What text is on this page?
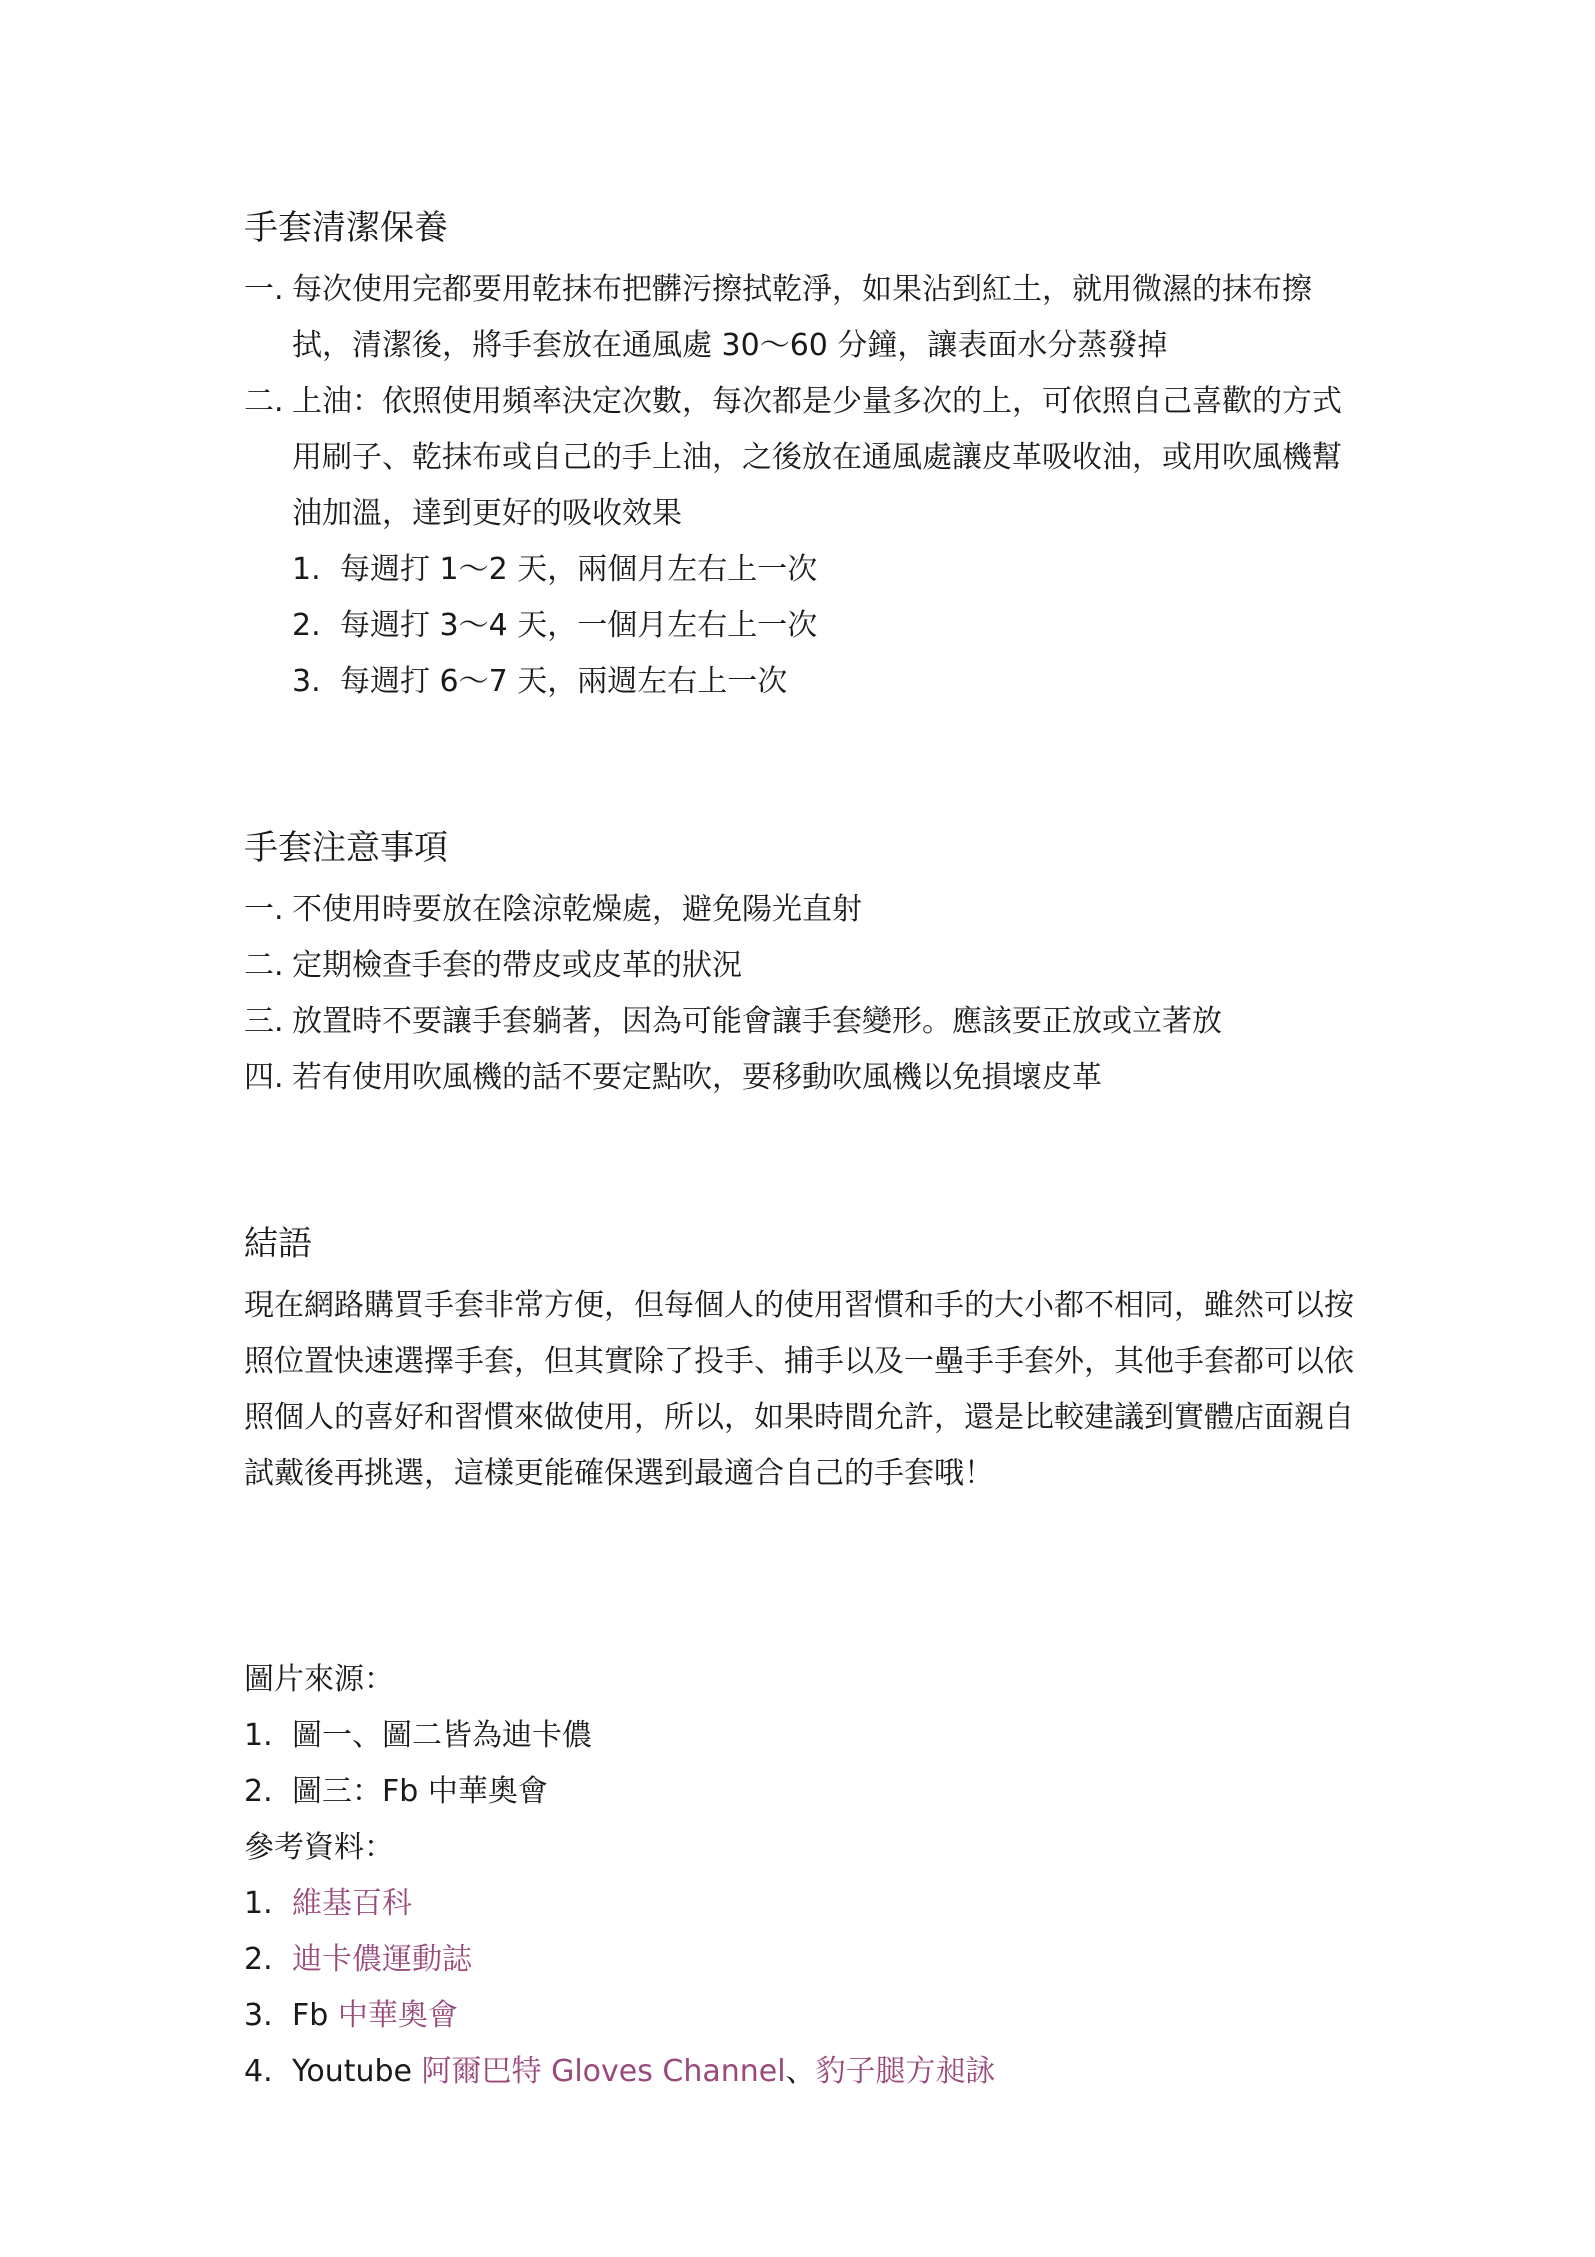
手套清潔保養
一. 每次使用完都要用乾抹布把髒污擦拭乾淨，如果沾到紅土，就用微濕的抹布擦拭，清潔後，將手套放在通風處 30～60 分鐘，讓表面水分蒸發掉
二. 上油：依照使用頻率決定次數，每次都是少量多次的上，可依照自己喜歡的方式用刷子、乾抹布或自己的手上油，之後放在通風處讓皮革吸收油，或用吹風機幫油加溫，達到更好的吸收效果
1. 每週打 1～2 天，兩個月左右上一次
2. 每週打 3～4 天，一個月左右上一次
3. 每週打 6～7 天，兩週左右上一次
手套注意事項
一. 不使用時要放在陰涼乾燥處，避免陽光直射
二. 定期檢查手套的帶皮或皮革的狀況
三. 放置時不要讓手套躺著，因為可能會讓手套變形。應該要正放或立著放
四. 若有使用吹風機的話不要定點吹，要移動吹風機以免損壞皮革
結語

現在網路購買手套非常方便，但每個人的使用習慣和手的大小都不相同，雖然可以按照位置快速選擇手套，但其實除了投手、捕手以及一壘手手套外，其他手套都可以依照個人的喜好和習慣來做使用，所以，如果時間允許，還是比較建議到實體店面親自試戴後再挑選，這樣更能確保選到最適合自己的手套哦！

圖片來源：
1. 圖一、圖二皆為迪卡儂
2. 圖三：Fb 中華奧會
參考資料：
1. 維基百科
2. 迪卡儂運動誌
3. Fb 中華奧會
4. Youtube 阿爾巴特 Gloves Channel、豹子腿方昶詠
